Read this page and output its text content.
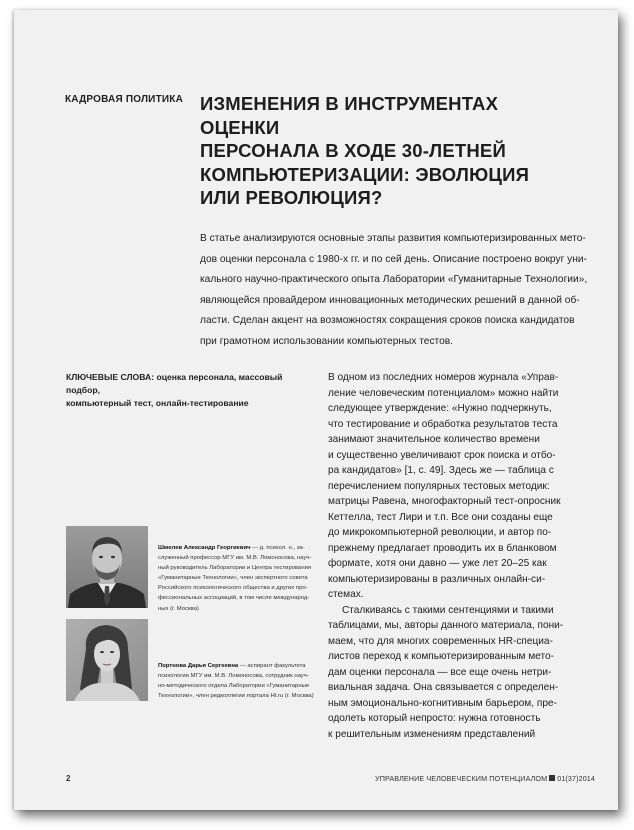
КАДРОВАЯ ПОЛИТИКА ИЗМЕНЕНИЯ В ИНСТРУМЕНТАХ ОЦЕНКИ
ПЕРСОНАЛА В ХОДЕ 30-ЛЕТНЕЙ
КОМПЬЮТЕРИЗАЦИИ: ЭВОЛЮЦИЯ
ИЛИ РЕВОЛЮЦИЯ?
В статье анализируются основные этапы развития компьютеризированных мето-
дов оценки персонала с 1980-х гг. и по сей день. Описание построено вокруг уни-
кального научно-практического опыта Лаборатории «Гуманитарные Технологии»,
являющейся провайдером инновационных методических решений в данной об-
ласти. Сделан акцент на возможностях сокращения сроков поиска кандидатов
при грамотном использовании компьютерных тестов.
КЛЮЧЕВЫЕ СЛОВА: оценка персонала, массовый подбор,
компьютерный тест, онлайн-тестирование
В одном из последних номеров журнала «Управ-
ление человеческим потенциалом» можно найти
следующее утверждение: «Нужно подчеркнуть,
что тестирование и обработка результатов теста
занимают значительное количество времени
и существенно увеличивают срок поиска и отбо-
ра кандидатов» [1, с. 49]. Здесь же — таблица с
перечислением популярных тестовых методик:
матрицы Равена, многофакторный тест-опросник
Кеттелла, тест Лири и т.п. Все они созданы еще
до микрокомпьютерной революции, и автор по-
прежнему предлагает проводить их в бланковом
формате, хотя они давно — уже лет 20–25 как
компьютеризированы в различных онлайн-си-
стемах.
Сталкиваясь с такими сентенциями и такими
таблицами, мы, авторы данного материала, пони-
маем, что для многих современных HR-специа-
листов переход к компьютеризированным мето-
дам оценки персонала — все еще очень нетри-
виальная задача. Она связывается с определен-
ным эмоционально-когнитивным барьером, пре-
одолеть который непросто: нужна готовность
к решительным изменениям представлений
Шмелев Александр Георгиевич — д. психол. н., за-
служенный профессор МГУ им. М.В. Ломоносова, науч-
ный руководитель Лаборатории и Центра тестирования
«Гуманитарные Технологии», член экспертного совета
Российского психологического общества и других про-
фессиональных ассоциаций, в том числе международ-
ных (г. Москва)
Портнова Дарья Сергеевна — аспирант факультета
психологии МГУ им. М.В. Ломоносова, сотрудник науч-
но-методического отдела Лаборатории «Гуманитарные
Технологии», член редколлегии портала Ht.ru (г. Москва)
2	УПРАВЛЕНИЕ ЧЕЛОВЕЧЕСКИМ ПОТЕНЦИАЛОМ 01(37)2014
